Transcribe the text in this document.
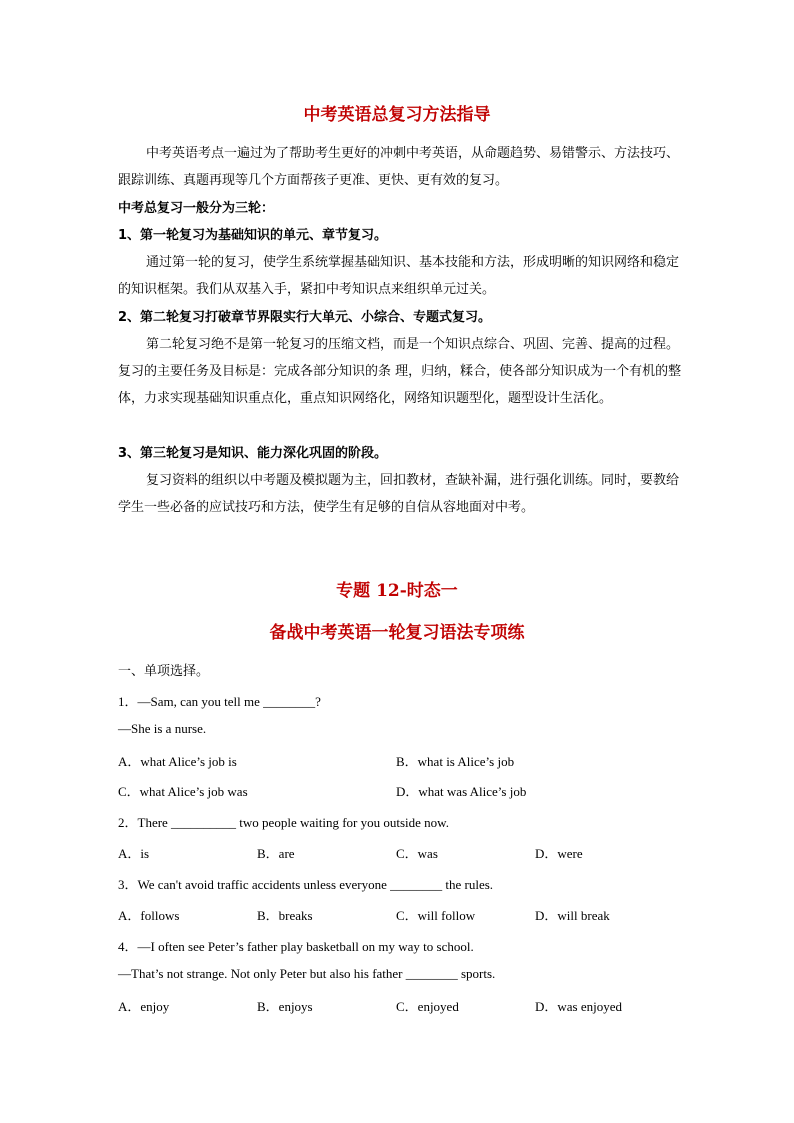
中考英语总复习方法指导
中考英语考点一遍过为了帮助考生更好的冲刺中考英语，从命题趋势、易错警示、方法技巧、跟踪训练、真题再现等几个方面帮孩子更准、更快、更有效的复习。
中考总复习一般分为三轮：
1、第一轮复习为基础知识的单元、章节复习。
通过第一轮的复习，使学生系统掌握基础知识、基本技能和方法，形成明晰的知识网络和稳定的知识框架。我们从双基入手，紧扣中考知识点来组织单元过关。
2、第二轮复习打破章节界限实行大单元、小综合、专题式复习。
第二轮复习绝不是第一轮复习的压缩文档，而是一个知识点综合、巩固、完善、提高的过程。复习的主要任务及目标是：完成各部分知识的条 理，归纳，糅合，使各部分知识成为一个有机的整体，力求实现基础知识重点化，重点知识网络化，网络知识题型化，题型设计生活化。
3、第三轮复习是知识、能力深化巩固的阶段。
复习资料的组织以中考题及模拟题为主，回扣教材，查缺补漏，进行强化训练。同时，要教给学生一些必备的应试技巧和方法，使学生有足够的自信从容地面对中考。
专题 12-时态一
备战中考英语一轮复习语法专项练
一、单项选择。
1．—Sam, can you tell me ________?
—She is a nurse.
A．what Alice’s job is	B．what is Alice’s job
C．what Alice’s job was	D．what was Alice’s job
2．There __________ two people waiting for you outside now.
A．is	B．are	C．was	D．were
3．We can't avoid traffic accidents unless everyone ________ the rules.
A．follows	B．breaks	C．will follow	D．will break
4．—I often see Peter’s father play basketball on my way to school.
—That’s not strange. Not only Peter but also his father ________ sports.
A．enjoy	B．enjoys	C．enjoyed	D．was enjoyed
